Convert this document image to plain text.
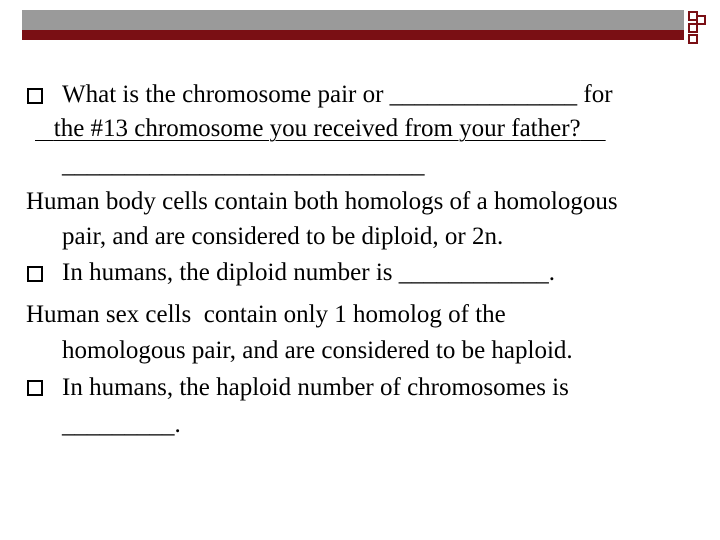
What is the chromosome pair or _______________ for
the #13 chromosome you received from your father?
_____________________________
Human body cells contain both homologs of a homologous
pair, and are considered to be diploid, or 2n.
In humans, the diploid number is ____________.
Human sex cells  contain only 1 homolog of the
homologous pair, and are considered to be haploid.
In humans, the haploid number of chromosomes is
_________.
